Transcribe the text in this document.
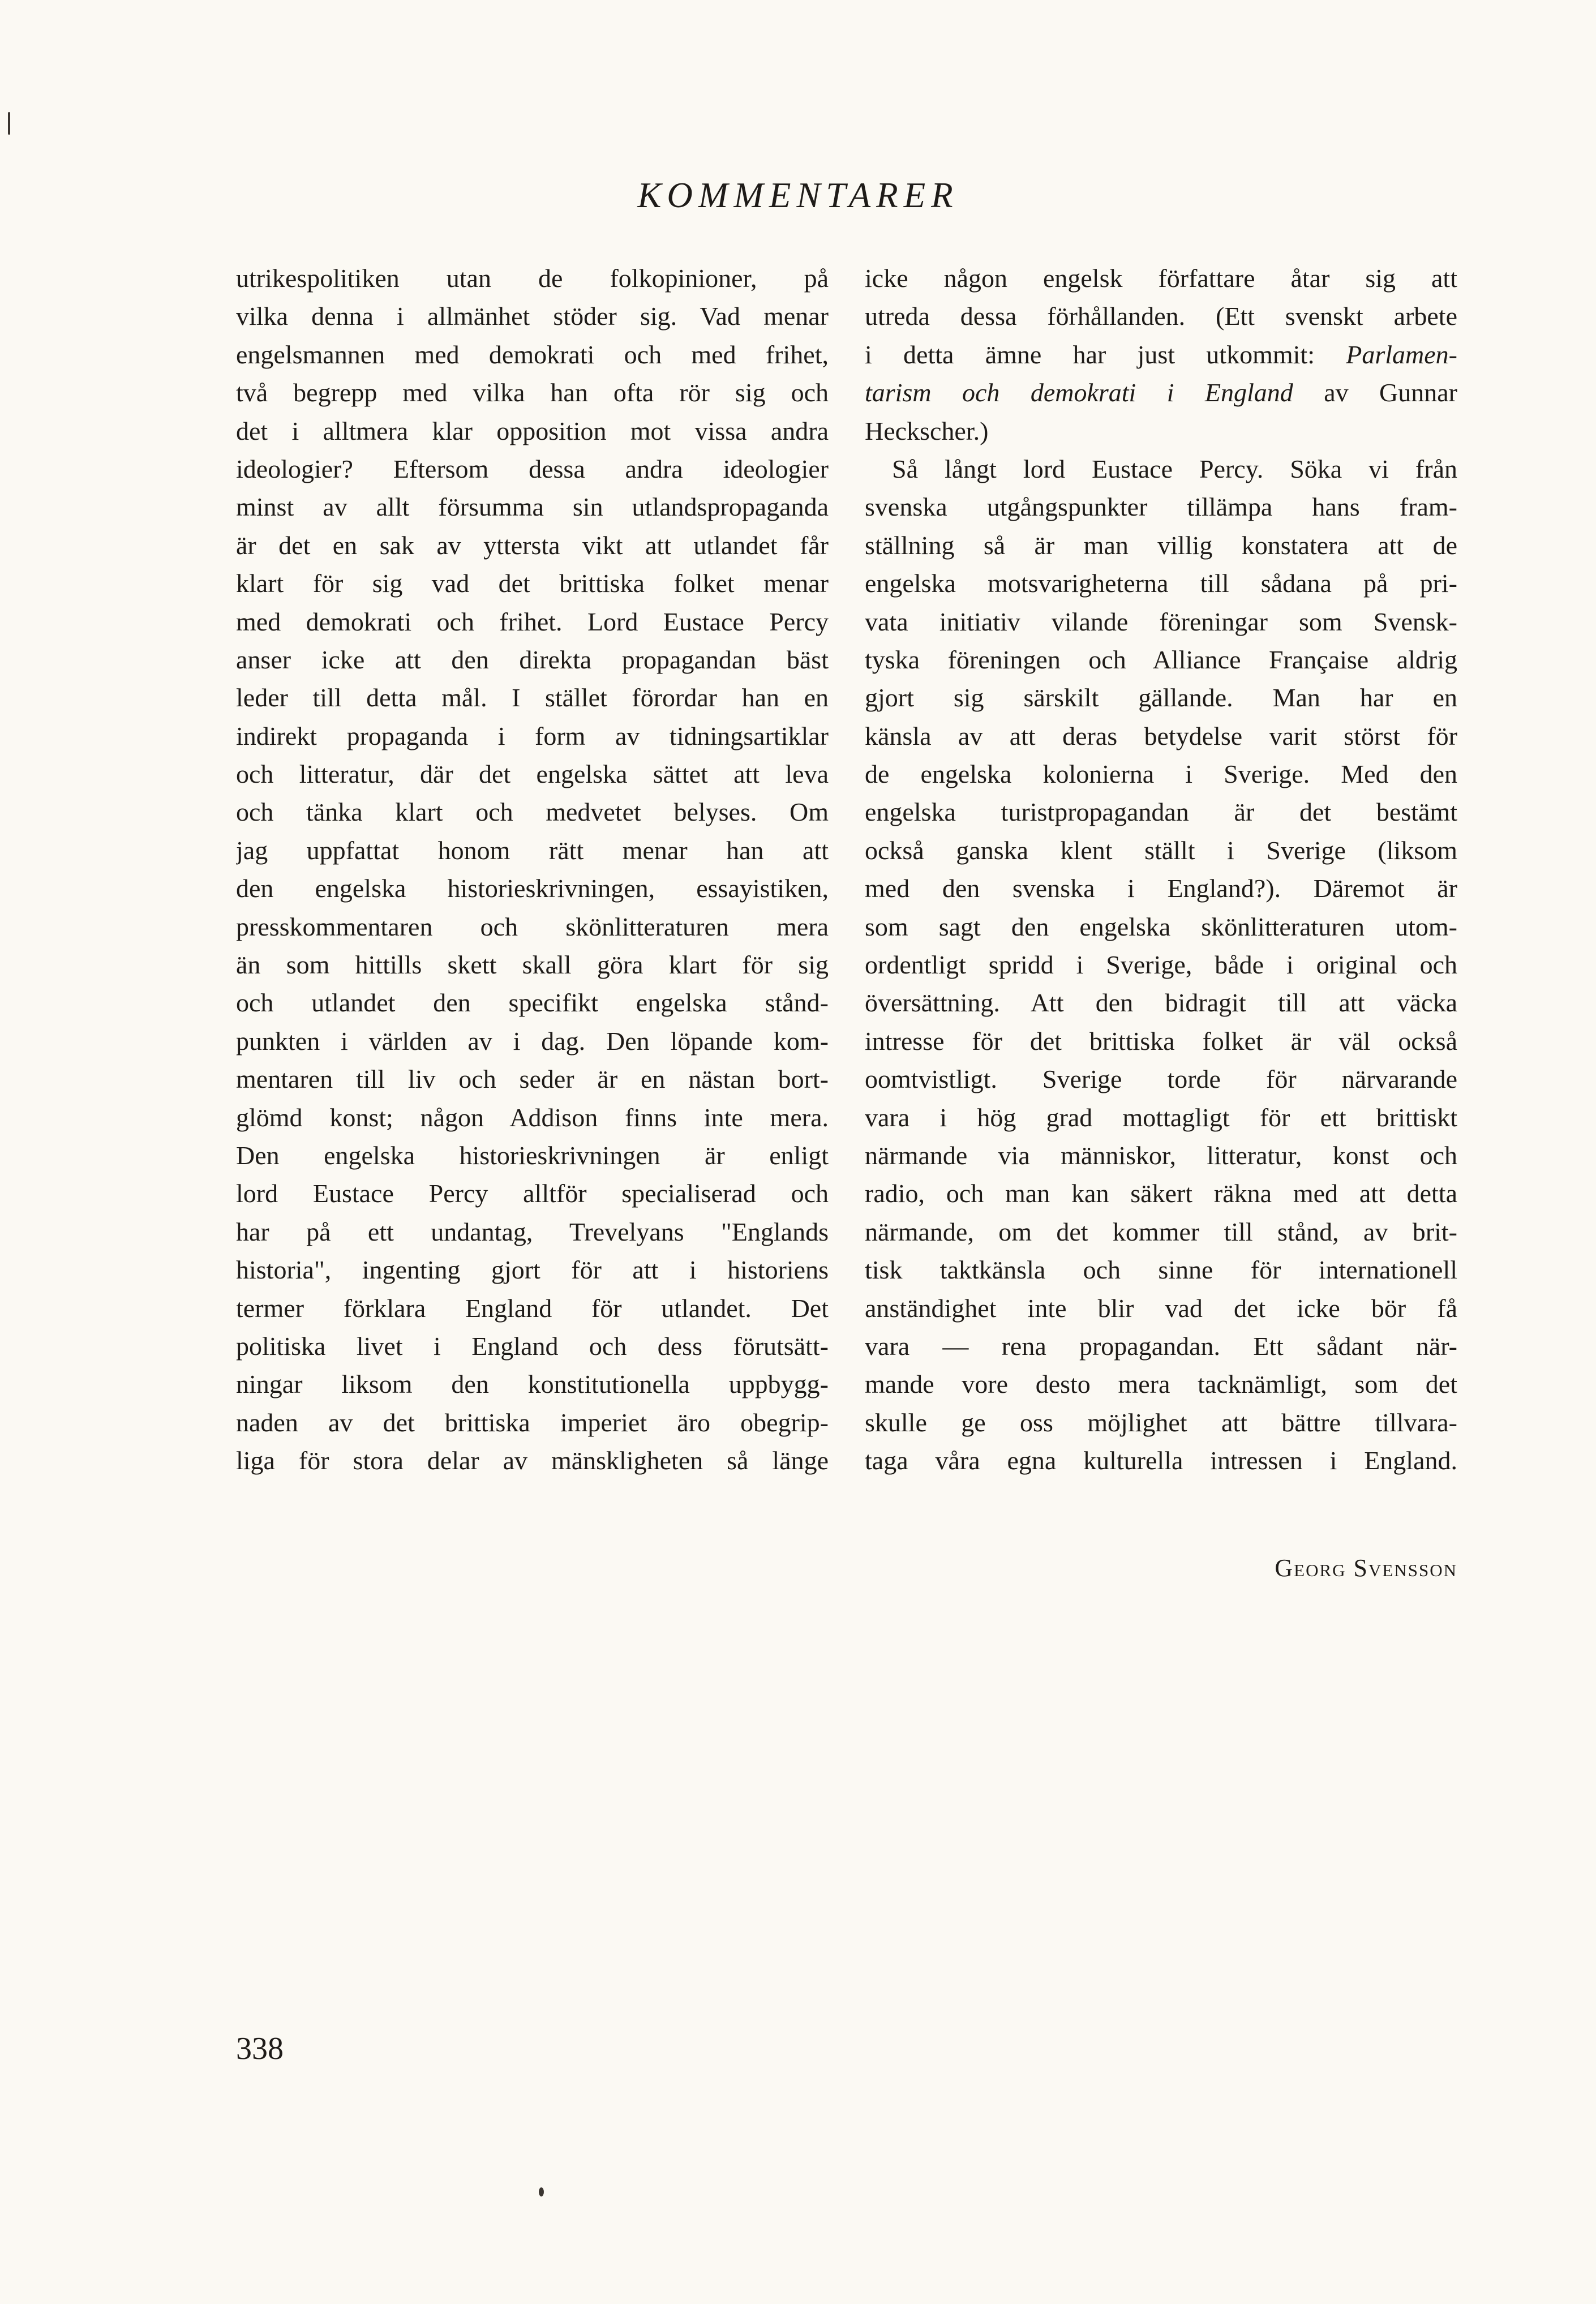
KOMMENTARER
utrikespolitiken utan de folkopinioner, på
vilka denna i allmänhet stöder sig. Vad menar
engelsmannen med demokrati och med frihet,
två begrepp med vilka han ofta rör sig och
det i alltmera klar opposition mot vissa andra
ideologier? Eftersom dessa andra ideologier
minst av allt försumma sin utlandspropaganda
är det en sak av yttersta vikt att utlandet får
klart för sig vad det brittiska folket menar
med demokrati och frihet. Lord Eustace Percy
anser icke att den direkta propagandan bäst
leder till detta mål. I stället förordar han en
indirekt propaganda i form av tidningsartiklar
och litteratur, där det engelska sättet att leva
och tänka klart och medvetet belyses. Om
jag uppfattat honom rätt menar han att
den engelska historieskrivningen, essayistiken,
presskommentaren och skönlitteraturen mera
än som hittills skett skall göra klart för sig
och utlandet den specifikt engelska stånd-
punkten i världen av i dag. Den löpande kom-
mentaren till liv och seder är en nästan bort-
glömd konst; någon Addison finns inte mera.
Den engelska historieskrivningen är enligt
lord Eustace Percy alltför specialiserad och
har på ett undantag, Trevelyans "Englands
historia", ingenting gjort för att i historiens
termer förklara England för utlandet. Det
politiska livet i England och dess förutsätt-
ningar liksom den konstitutionella uppbygg-
naden av det brittiska imperiet äro obegrip-
liga för stora delar av mänskligheten så länge
icke någon engelsk författare åtar sig att
utreda dessa förhållanden. (Ett svenskt arbete
i detta ämne har just utkommit: Parlamen-
tarism och demokrati i England av Gunnar
Heckscher.)
Så långt lord Eustace Percy. Söka vi från
svenska utgångspunkter tillämpa hans fram-
ställning så är man villig konstatera att de
engelska motsvarigheterna till sådana på pri-
vata initiativ vilande föreningar som Svensk-
tyska föreningen och Alliance Française aldrig
gjort sig särskilt gällande. Man har en
känsla av att deras betydelse varit störst för
de engelska kolonierna i Sverige. Med den
engelska turistpropagandan är det bestämt
också ganska klent ställt i Sverige (liksom
med den svenska i England?). Däremot är
som sagt den engelska skönlitteraturen utom-
ordentligt spridd i Sverige, både i original och
översättning. Att den bidragit till att väcka
intresse för det brittiska folket är väl också
oomtvistligt. Sverige torde för närvarande
vara i hög grad mottagligt för ett brittiskt
närmande via människor, litteratur, konst och
radio, och man kan säkert räkna med att detta
närmande, om det kommer till stånd, av brit-
tisk taktkänsla och sinne för internationell
anständighet inte blir vad det icke bör få
vara — rena propagandan. Ett sådant när-
mande vore desto mera tacknämligt, som det
skulle ge oss möjlighet att bättre tillvara-
taga våra egna kulturella intressen i England.
Georg Svensson
338
